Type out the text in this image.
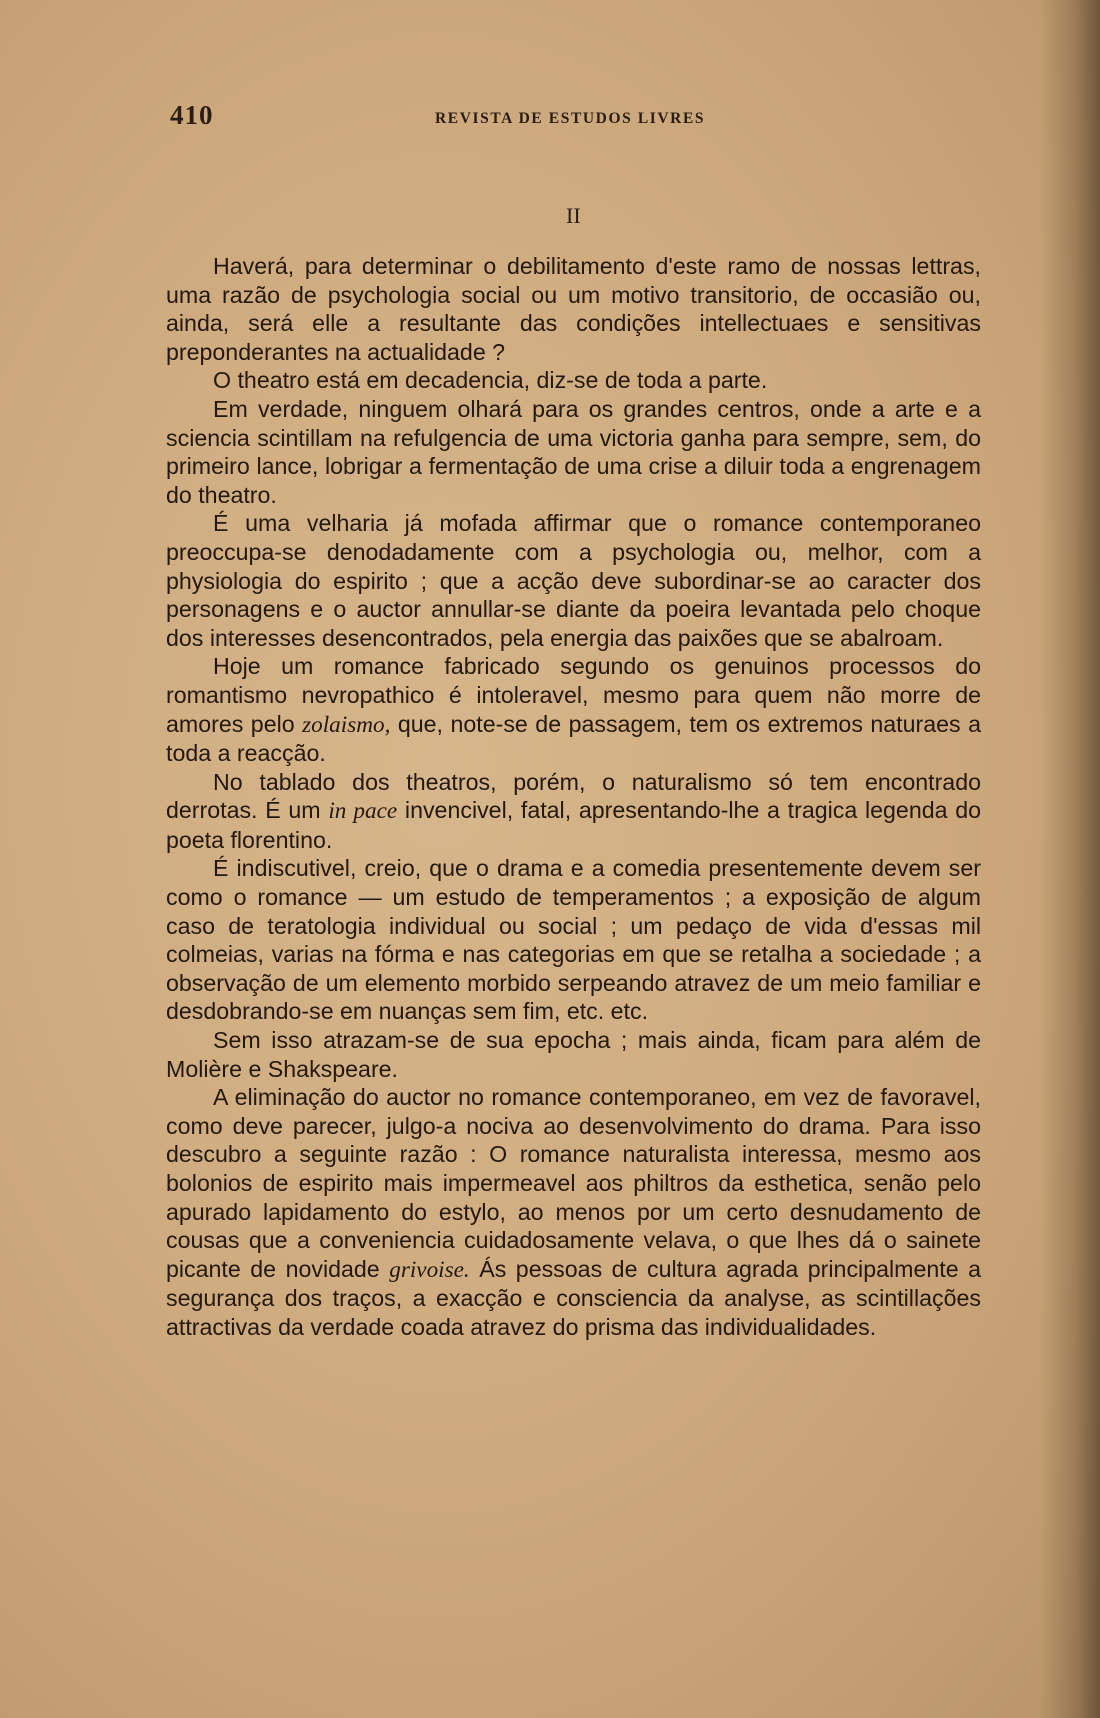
410	REVISTA DE ESTUDOS LIVRES
II

Haverá, para determinar o debilitamento d'este ramo de nossas lettras, uma razão de psychologia social ou um motivo transitorio, de occasião ou, ainda, será elle a resultante das condições intellectuaes e sensitivas preponderantes na actualidade ?

O theatro está em decadencia, diz-se de toda a parte.

Em verdade, ninguem olhará para os grandes centros, onde a arte e a sciencia scintillam na refulgencia de uma victoria ganha para sempre, sem, do primeiro lance, lobrigar a fermentação de uma crise a diluir toda a engrenagem do theatro.

É uma velharia já mofada affirmar que o romance contemporaneo preoccupa-se denodadamente com a psychologia ou, melhor, com a physiologia do espirito ; que a acção deve subordinar-se ao caracter dos personagens e o auctor annullar-se diante da poeira levantada pelo choque dos interesses desencontrados, pela energia das paixões que se abalroam.

Hoje um romance fabricado segundo os genuinos processos do romantismo nevropathico é intoleravel, mesmo para quem não morre de amores pelo zolaismo, que, note-se de passagem, tem os extremos naturaes a toda a reacção.

No tablado dos theatros, porém, o naturalismo só tem encontrado derrotas. É um in pace invencivel, fatal, apresentando-lhe a tragica legenda do poeta florentino.

É indiscutivel, creio, que o drama e a comedia presentemente devem ser como o romance — um estudo de temperamentos ; a exposição de algum caso de teratologia individual ou social ; um pedaço de vida d'essas mil colmeias, varias na fórma e nas categorias em que se retalha a sociedade ; a observação de um elemento morbido serpeando atravez de um meio familiar e desdobrando-se em nuanças sem fim, etc. etc.

Sem isso atrazam-se de sua epocha ; mais ainda, ficam para além de Molière e Shakspeare.

A eliminação do auctor no romance contemporaneo, em vez de favoravel, como deve parecer, julgo-a nociva ao desenvolvimento do drama. Para isso descubro a seguinte razão : O romance naturalista interessa, mesmo aos bolonios de espirito mais impermeavel aos philtros da esthetica, senão pelo apurado lapidamento do estylo, ao menos por um certo desnudamento de cousas que a conveniencia cuidadosamente velava, o que lhes dá o sainete picante de novidade grivoise. Ás pessoas de cultura agrada principalmente a segurança dos traços, a exacção e consciencia da analyse, as scintillações attractivas da verdade coada atravez do prisma das individualidades.
